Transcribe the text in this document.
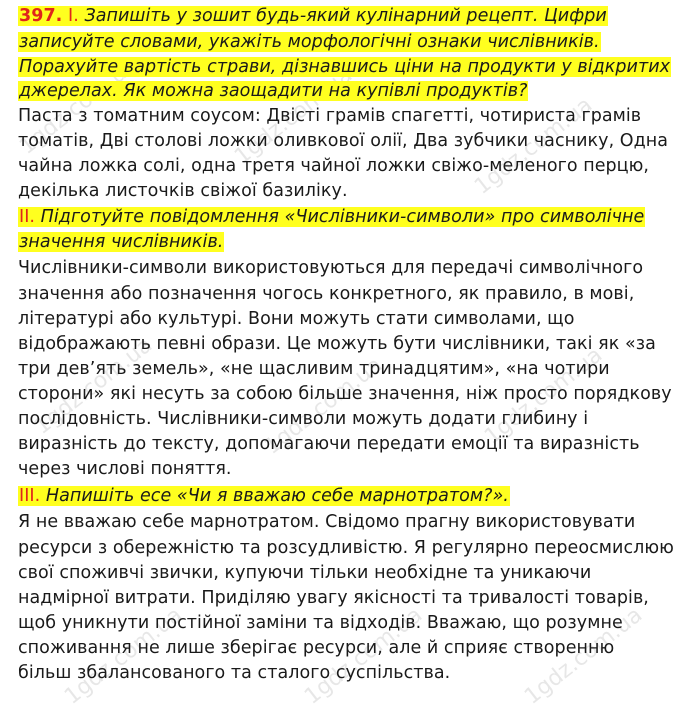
1gdz.com.ua	1gdz.com.ua	1gdz.com.ua
1gdz.com.ua	1gdz.com.ua	1gdz.com.ua
1gdz.com.ua	1gdz.com.ua	1gdz.com.ua
397. І. Запишіть у зошит будь-який кулінарний рецепт. Цифри
записуйте словами, укажіть морфологічні ознаки числівників.
Порахуйте вартість страви, дізнавшись ціни на продукти у відкритих
джерелах. Як можна заощадити на купівлі продуктів?
Паста з томатним соусом: Двісті грамів спагетті, чотириста грамів
томатів, Дві столові ложки оливкової олії, Два зубчики часнику, Одна
чайна ложка солі, одна третя чайної ложки свіжо-меленого перцю,
декілька листочків свіжої базиліку.
II. Підготуйте повідомлення «Числівники-символи» про символічне
значення числівників.
Числівники-символи використовуються для передачі символічного
значення або позначення чогось конкретного, як правило, в мові,
літературі або культурі. Вони можуть стати символами, що
відображають певні образи. Це можуть бути числівники, такі як «за
три дев’ять земель», «не щасливим тринадцятим», «на чотири
сторони» які несуть за собою більше значення, ніж просто порядкову
послідовність. Числівники-символи можуть додати глибину і
виразність до тексту, допомагаючи передати емоції та виразність
через числові поняття.
III. Напишіть есе «Чи я вважаю себе марнотратом?».
Я не вважаю себе марнотратом. Свідомо прагну використовувати
ресурси з обережністю та розсудливістю. Я регулярно переосмислюю
свої споживчі звички, купуючи тільки необхідне та уникаючи
надмірної витрати. Приділяю увагу якісності та тривалості товарів,
щоб уникнути постійної заміни та відходів. Вважаю, що розумне
споживання не лише зберігає ресурси, але й сприяє створенню
більш збалансованого та сталого суспільства.
